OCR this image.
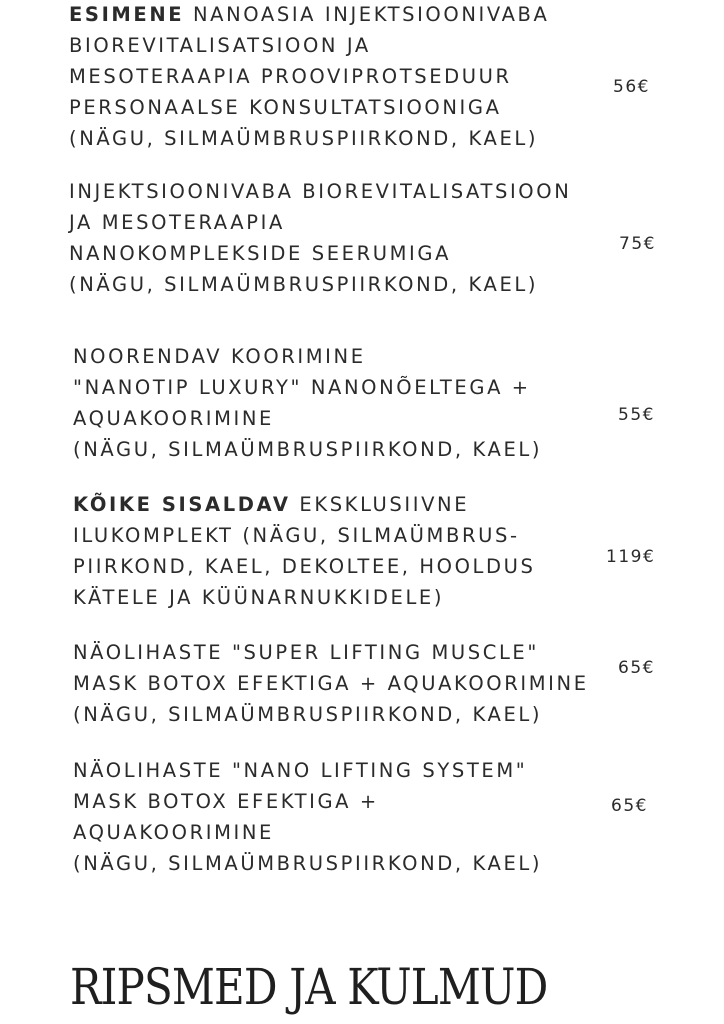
ESIMENE NANOASIA INJEKTSIOONIVABA
BIOREVITALISATSIOON JA
MESOTERAAPIA PROOVIPROTSEDUUR
PERSONAALSE KONSULTATSIOONIGA
(NÄGU, SILMAÜMBRUSPIIRKOND, KAEL)
56€
INJEKTSIOONIVABA BIOREVITALISATSIOON
JA MESOTERAAPIA
NANOKOMPLEKSIDE SEERUMIGA
(NÄGU, SILMAÜMBRUSPIIRKOND, KAEL)
75€
NOORENDAV KOORIMINE
"NANOTIP LUXURY" NANONÕELTEGA +
AQUAKOORIMINE
(NÄGU, SILMAÜMBRUSPIIRKOND, KAEL)
55€
KÕIKE SISALDAV EKSKLUSIIVNE
ILUKOMPLEKT (NÄGU, SILMAÜMBRUS-
PIIRKOND, KAEL, DEKOLTEE, HOOLDUS
KÄTELE JA KÜÜNARNUKKIDELE)
119€
NÄOLIHASTE "SUPER LIFTING MUSCLE"
MASK BOTOX EFEKTIGA + AQUAKOORIMINE
(NÄGU, SILMAÜMBRUSPIIRKOND, KAEL)
65€
NÄOLIHASTE "NANO LIFTING SYSTEM"
MASK BOTOX EFEKTIGA +
AQUAKOORIMINE
(NÄGU, SILMAÜMBRUSPIIRKOND, KAEL)
65€
RIPSMED JA KULMUD
